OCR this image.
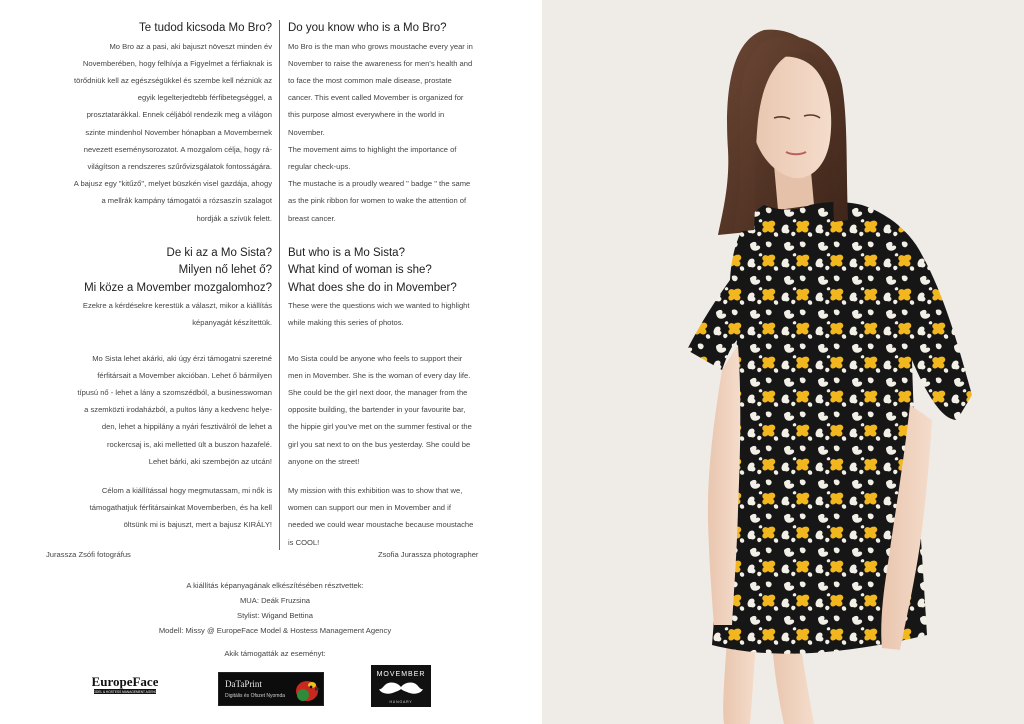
Te tudod kicsoda Mo Bro?

Mo Bro az a pasi, aki bajuszt növeszt minden év
Novemberében, hogy felhívja a Figyelmet a férfiaknak is
törődniük kell az egészségükkel és szembe kell nézniük az
egyik legelterjedtebb férfibetegséggel, a
prosztatarákkal. Ennek céljából rendezik meg a világon
szinte mindenhol November hónapban a Movembernek
nevezett eseménysorozatot. A mozgalom célja, hogy rá-
világítson a rendszeres szűrővizsgálatok fontosságára.
A bajusz egy "kitűző", melyet büszkén visel gazdája, ahogy
a mellrák kampány támogatói a rózsaszín szalagot
hordják a szívük felett.

De ki az a Mo Sista?

Milyen nő lehet ő?

Mi köze a Movember mozgalomhoz?

Ezekre a kérdésekre kerestük a választ, mikor a kiállítás
képanyagát készítettük.

Mo Sista lehet akárki, aki úgy érzi támogatni szeretné
férfitársait a Movember akcióban. Lehet ő bármilyen
típusú nő - lehet a lány a szomszédból, a businesswoman
a szemközti irodaházból, a pultos lány a kedvenc helye-
den, lehet a hippilány a nyári fesztiválról de lehet a
rockercsaj is, aki melletted ült a buszon hazafelé.
Lehet bárki, aki szembejön az utcán!

Célom a kiállítással hogy megmutassam, mi nők is
támogathatjuk férfitársainkat Movemberben, és ha kell
öltsünk mi is bajuszt, mert a bajusz KIRÁLY!

Do you know who is a Mo Bro?

Mo Bro is the man who grows moustache every year in
November to raise the awareness for men's health and
to face the most common male disease, prostate
cancer. This event called Movember is organized for
this purpose almost everywhere in the world in
November.
The movement aims to highlight the importance of
regular check-ups.
The mustache is a proudly weared " badge " the same
as the pink ribbon for women to wake the attention of
breast cancer.

But who is a Mo Sista?

What kind of woman is she?

What does she do in Movember?

These were the questions wich we wanted to highlight
while making this series of photos.

Mo Sista could be anyone who feels to support their
men in Movember. She is the woman of every day life.
She could be the girl next door, the manager from the
opposite building, the bartender in your favourite bar,
the hippie girl you've met on the summer festival or the
girl you sat next to on the bus yesterday. She could be
anyone on the street!

My mission with this exhibition was to show that we,
women can support our men in Movember and if
needed we could wear moustache because moustache
is COOL!

Jurassza Zsófi fotográfus	Zsofia Jurassza photographer
A kiállítás képanyagának elkészítésében résztvettek:
MUA: Deák Fruzsina
Stylist: Wigand Bettina
Modell: Missy @ EuropeFace Model & Hostess Management Agency
Akik támogatták az eseményt:
EuropeFace
MODEL & HOSTESS MANAGEMENT AGENCY
DaTaPrint
Digitális és Ofszet Nyomda
MOVEMBER
HUNGARY
